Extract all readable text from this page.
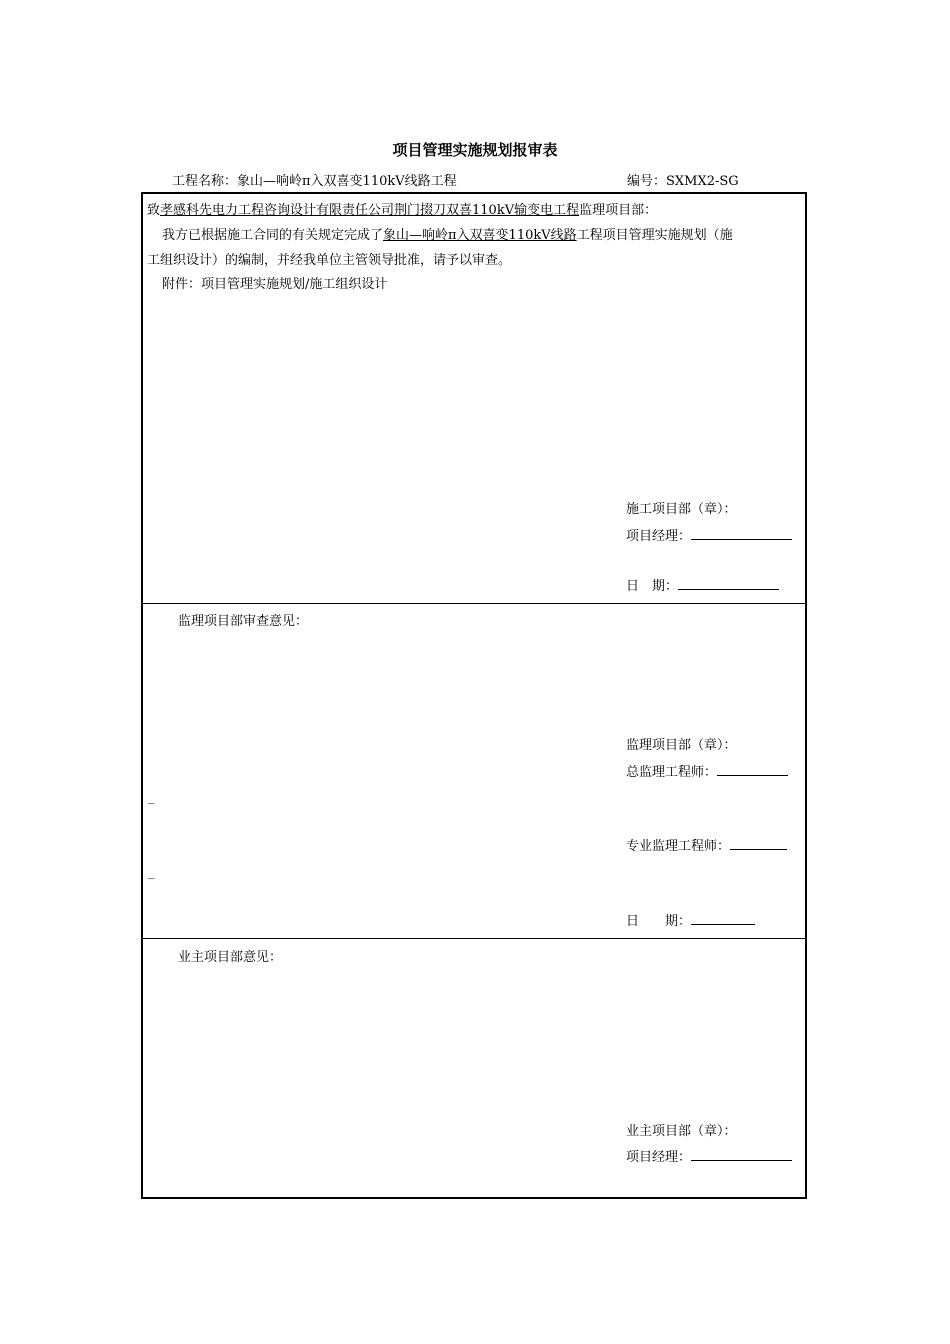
项目管理实施规划报审表
工程名称：象山—响岭π入双喜变110kV线路工程	编号：SXMX2-SG
致孝感科先电力工程咨询设计有限责任公司荆门掇刀双喜110kV输变电工程监理项目部：
我方已根据施工合同的有关规定完成了象山—响岭π入双喜变110kV线路工程项目管理实施规划（施
工组织设计）的编制，并经我单位主管领导批准，请予以审查。
附件：项目管理实施规划/施工组织设计
施工项目部（章）：
项目经理：
日　期：
监理项目部审查意见：
监理项目部（章）：
总监理工程师：
_
专业监理工程师：
_
日　　期：
业主项目部意见：
业主项目部（章）：
项目经理：
